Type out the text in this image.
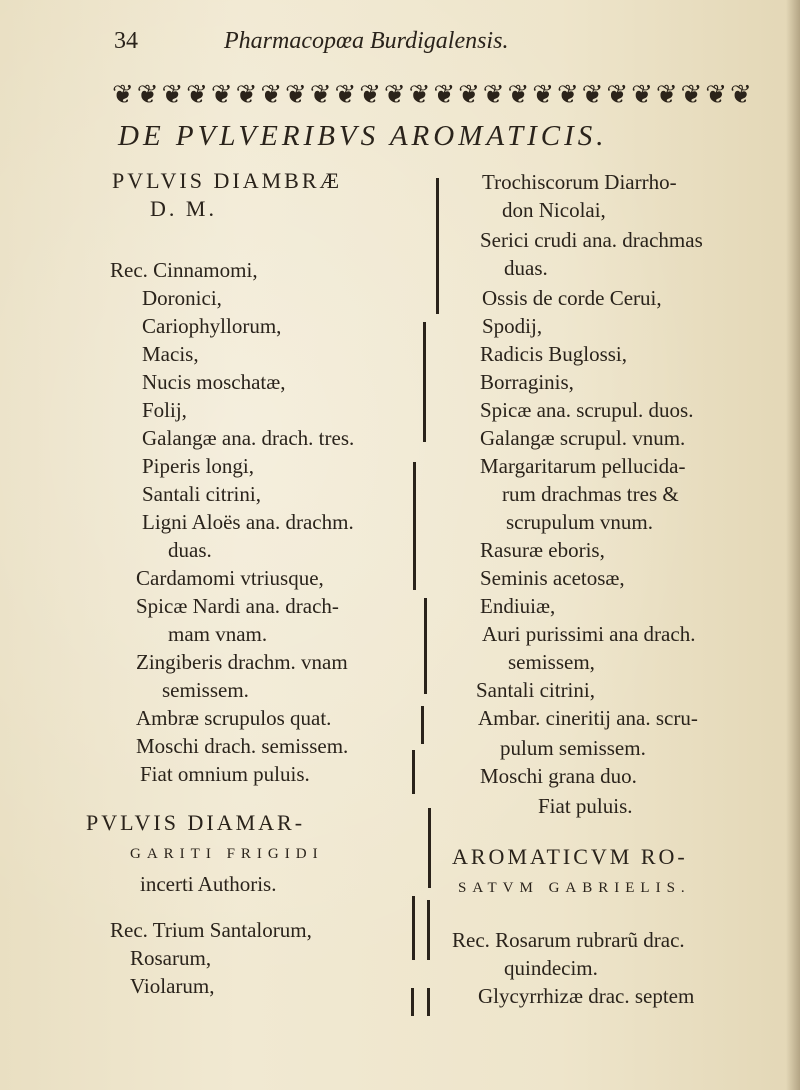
34	Pharmacopœa Burdigalensis.
❦ ❦ ❦ ❦ ❦ ❦ ❦ ❦ ❦ ❦ ❦ ❦ ❦ ❦ ❦ ❦ ❦ ❦ ❦ ❦ ❦ ❦ ❦ ❦ ❦ ❦
DE PVLVERIBVS AROMATICIS.
PVLVIS DIAMBRÆ
D. M.
Rec. Cinnamomi,
Doronici,
Cariophyllorum,
Macis,
Nucis moschatæ,
Folij,
Galangæ ana. drach. tres.
Piperis longi,
Santali citrini,
Ligni Aloës ana. drachm.
duas.
Cardamomi vtriusque,
Spicæ Nardi ana. drach-
mam vnam.
Zingiberis drachm. vnam
semissem.
Ambræ scrupulos quat.
Moschi drach. semissem.
Fiat omnium puluis.
PVLVIS DIAMAR-
GARITI FRIGIDI
incerti Authoris.
Rec. Trium Santalorum,
Rosarum,
Violarum,
Trochiscorum Diarrho-
don Nicolai,
Serici crudi ana. drachmas
duas.
Ossis de corde Cerui,
Spodij,
Radicis Buglossi,
Borraginis,
Spicæ ana. scrupul. duos.
Galangæ scrupul. vnum.
Margaritarum pellucida-
rum drachmas tres &
scrupulum vnum.
Rasuræ eboris,
Seminis acetosæ,
Endiuiæ,
Auri purissimi ana drach.
semissem,
Santali citrini,
Ambar. cineritij ana. scru-
pulum semissem.
Moschi grana duo.
Fiat puluis.
AROMATICVM RO-
SATVM GABRIELIS.
Rec. Rosarum rubrarũ drac.
quindecim.
Glycyrrhizæ drac. septem
